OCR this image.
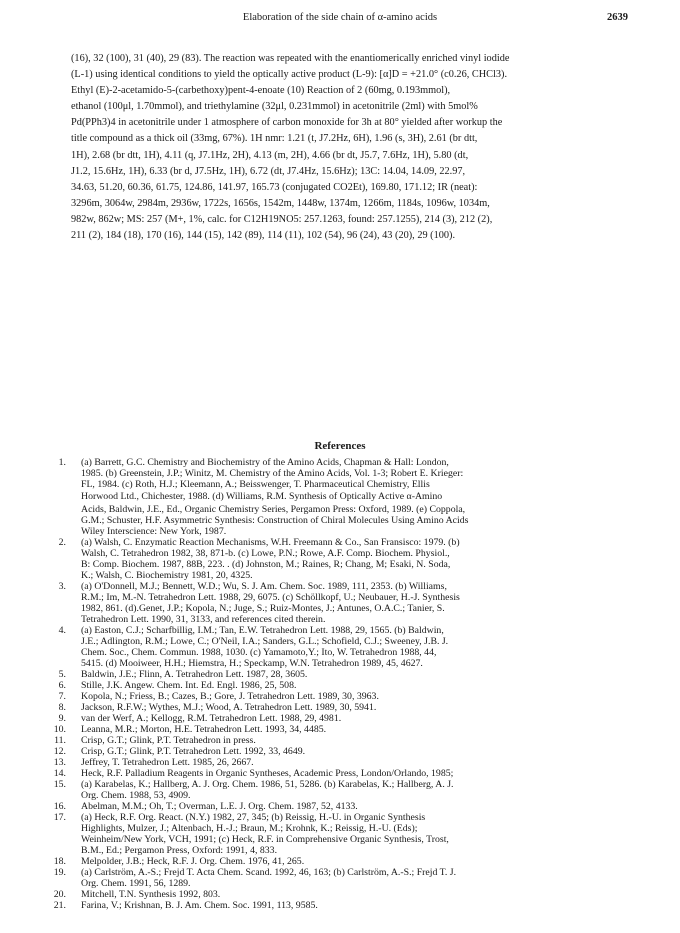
Elaboration of the side chain of α-amino acids	2639
(16), 32 (100), 31 (40), 29 (83). The reaction was repeated with the enantiomerically enriched vinyl iodide
(L-1) using identical conditions to yield the optically active product (L-9): [α]D = +21.0° (c0.26, CHCl3).
Ethyl (E)-2-acetamido-5-(carbethoxy)pent-4-enoate (10) Reaction of 2 (60mg, 0.193mmol),
ethanol (100μl, 1.70mmol), and triethylamine (32μl, 0.231mmol) in acetonitrile (2ml) with 5mol%
Pd(PPh3)4 in acetonitrile under 1 atmosphere of carbon monoxide for 3h at 80° yielded after workup the
title compound as a thick oil (33mg, 67%). 1H nmr: 1.21 (t, J7.2Hz, 6H), 1.96 (s, 3H), 2.61 (br dtt,
1H), 2.68 (br dtt, 1H), 4.11 (q, J7.1Hz, 2H), 4.13 (m, 2H), 4.66 (br dt, J5.7, 7.6Hz, 1H), 5.80 (dt,
J1.2, 15.6Hz, 1H), 6.33 (br d, J7.5Hz, 1H), 6.72 (dt, J7.4Hz, 15.6Hz); 13C: 14.04, 14.09, 22.97,
34.63, 51.20, 60.36, 61.75, 124.86, 141.97, 165.73 (conjugated CO2Et), 169.80, 171.12; IR (neat):
3296m, 3064w, 2984m, 2936w, 1722s, 1656s, 1542m, 1448w, 1374m, 1266m, 1184s, 1096w, 1034m,
982w, 862w; MS: 257 (M+, 1%, calc. for C12H19NO5: 257.1263, found: 257.1255), 214 (3), 212 (2),
211 (2), 184 (18), 170 (16), 144 (15), 142 (89), 114 (11), 102 (54), 96 (24), 43 (20), 29 (100).
References
1. (a) Barrett, G.C. Chemistry and Biochemistry of the Amino Acids, Chapman & Hall: London,
1985. (b) Greenstein, J.P.; Winitz, M. Chemistry of the Amino Acids, Vol. 1-3; Robert E. Krieger:
FL, 1984. (c) Roth, H.J.; Kleemann, A.; Beisswenger, T. Pharmaceutical Chemistry, Ellis
Horwood Ltd., Chichester, 1988. (d) Williams, R.M. Synthesis of Optically Active α-Amino
Acids, Baldwin, J.E., Ed., Organic Chemistry Series, Pergamon Press: Oxford, 1989. (e) Coppola,
G.M.; Schuster, H.F. Asymmetric Synthesis: Construction of Chiral Molecules Using Amino Acids
Wiley Interscience: New York, 1987.
2. (a) Walsh, C. Enzymatic Reaction Mechanisms, W.H. Freemann & Co., San Fransisco: 1979. (b)
Walsh, C. Tetrahedron 1982, 38, 871-b. (c) Lowe, P.N.; Rowe, A.F. Comp. Biochem. Physiol.,
B: Comp. Biochem. 1987, 88B, 223. . (d) Johnston, M.; Raines, R; Chang, M; Esaki, N. Soda,
K.; Walsh, C. Biochemistry 1981, 20, 4325.
3. (a) O'Donnell, M.J.; Bennett, W.D.; Wu, S. J. Am. Chem. Soc. 1989, 111, 2353. (b) Williams,
R.M.; Im, M.-N. Tetrahedron Lett. 1988, 29, 6075. (c) Schöllkopf, U.; Neubauer, H.-J. Synthesis
1982, 861. (d).Genet, J.P.; Kopola, N.; Juge, S.; Ruiz-Montes, J.; Antunes, O.A.C.; Tanier, S.
Tetrahedron Lett. 1990, 31, 3133, and references cited therein.
4. (a) Easton, C.J.; Scharfbillig, I.M.; Tan, E.W. Tetrahedron Lett. 1988, 29, 1565. (b) Baldwin,
J.E.; Adlington, R.M.; Lowe, C.; O'Neil, I.A.; Sanders, G.L.; Schofield, C.J.; Sweeney, J.B. J.
Chem. Soc., Chem. Commun. 1988, 1030. (c) Yamamoto,Y.; Ito, W. Tetrahedron 1988, 44,
5415. (d) Mooiweer, H.H.; Hiemstra, H.; Speckamp, W.N. Tetrahedron 1989, 45, 4627.
5. Baldwin, J.E.; Flinn, A. Tetrahedron Lett. 1987, 28, 3605.
6. Stille, J.K. Angew. Chem. Int. Ed. Engl. 1986, 25, 508.
7. Kopola, N.; Friess, B.; Cazes, B.; Gore, J. Tetrahedron Lett. 1989, 30, 3963.
8. Jackson, R.F.W.; Wythes, M.J.; Wood, A. Tetrahedron Lett. 1989, 30, 5941.
9. van der Werf, A.; Kellogg, R.M. Tetrahedron Lett. 1988, 29, 4981.
10. Leanna, M.R.; Morton, H.E. Tetrahedron Lett. 1993, 34, 4485.
11. Crisp, G.T.; Glink, P.T. Tetrahedron in press.
12. Crisp, G.T.; Glink, P.T. Tetrahedron Lett. 1992, 33, 4649.
13. Jeffrey, T. Tetrahedron Lett. 1985, 26, 2667.
14. Heck, R.F. Palladium Reagents in Organic Syntheses, Academic Press, London/Orlando, 1985;
15. (a) Karabelas, K.; Hallberg, A. J. Org. Chem. 1986, 51, 5286. (b) Karabelas, K.; Hallberg, A. J.
Org. Chem. 1988, 53, 4909.
16. Abelman, M.M.; Oh, T.; Overman, L.E. J. Org. Chem. 1987, 52, 4133.
17. (a) Heck, R.F. Org. React. (N.Y.) 1982, 27, 345; (b) Reissig, H.-U. in Organic Synthesis
Highlights, Mulzer, J.; Altenbach, H.-J.; Braun, M.; Krohnk, K.; Reissig, H.-U. (Eds);
Weinheim/New York, VCH, 1991; (c) Heck, R.F. in Comprehensive Organic Synthesis, Trost,
B.M., Ed.; Pergamon Press, Oxford: 1991, 4, 833.
18. Melpolder, J.B.; Heck, R.F. J. Org. Chem. 1976, 41, 265.
19. (a) Carlström, A.-S.; Frejd T. Acta Chem. Scand. 1992, 46, 163; (b) Carlström, A.-S.; Frejd T. J.
Org. Chem. 1991, 56, 1289.
20. Mitchell, T.N. Synthesis 1992, 803.
21. Farina, V.; Krishnan, B. J. Am. Chem. Soc. 1991, 113, 9585.
